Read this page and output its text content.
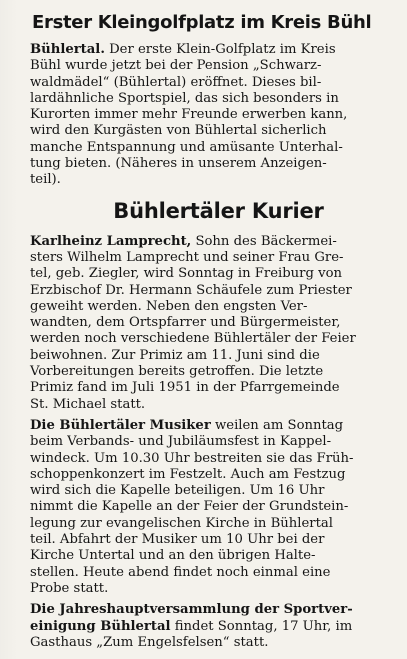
Erster Kleingolfplatz im Kreis Bühl

Bühlertal. Der erste Klein-Golfplatz im Kreis
Bühl wurde jetzt bei der Pension „Schwarz-
waldmädel“ (Bühlertal) eröffnet. Dieses bil-
lardähnliche Sportspiel, das sich besonders in
Kurorten immer mehr Freunde erwerben kann,
wird den Kurgästen von Bühlertal sicherlich
manche Entspannung und amüsante Unterhal-
tung bieten. (Näheres in unserem Anzeigen-
teil).

Bühlertäler Kurier

Karlheinz Lamprecht, Sohn des Bäckermei-
sters Wilhelm Lamprecht und seiner Frau Gre-
tel, geb. Ziegler, wird Sonntag in Freiburg von
Erzbischof Dr. Hermann Schäufele zum Priester
geweiht werden. Neben den engsten Ver-
wandten, dem Ortspfarrer und Bürgermeister,
werden noch verschiedene Bühlertäler der Feier
beiwohnen. Zur Primiz am 11. Juni sind die
Vorbereitungen bereits getroffen. Die letzte
Primiz fand im Juli 1951 in der Pfarrgemeinde
St. Michael statt.

Die Bühlertäler Musiker weilen am Sonntag
beim Verbands- und Jubiläumsfest in Kappel-
windeck. Um 10.30 Uhr bestreiten sie das Früh-
schoppenkonzert im Festzelt. Auch am Festzug
wird sich die Kapelle beteiligen. Um 16 Uhr
nimmt die Kapelle an der Feier der Grundstein-
legung zur evangelischen Kirche in Bühlertal
teil. Abfahrt der Musiker um 10 Uhr bei der
Kirche Untertal und an den übrigen Halte-
stellen. Heute abend findet noch einmal eine
Probe statt.

Die Jahreshauptversammlung der Sportver-
einigung Bühlertal findet Sonntag, 17 Uhr, im
Gasthaus „Zum Engelsfelsen“ statt.
